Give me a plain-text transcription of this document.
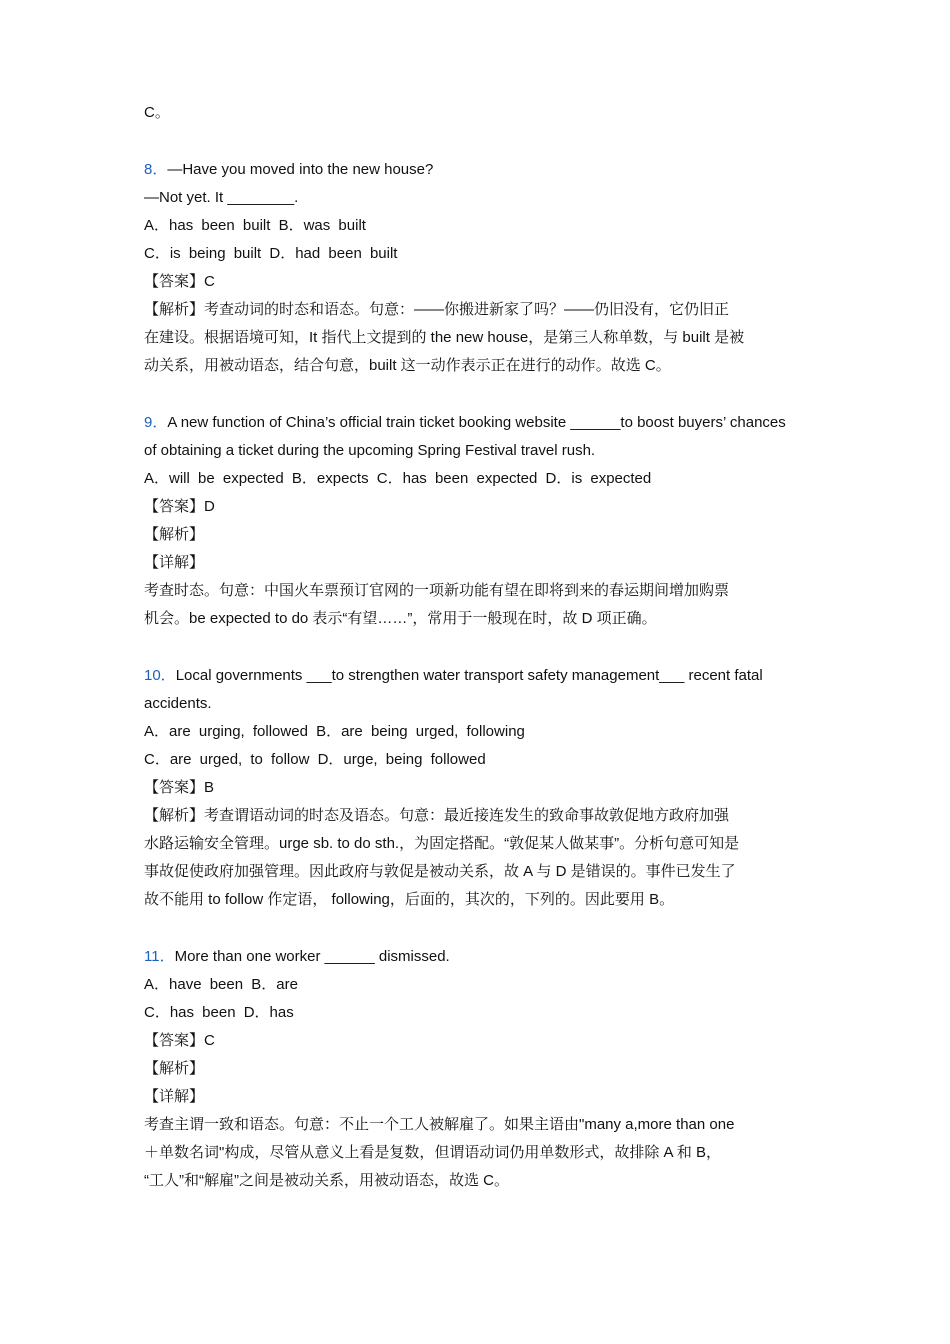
C。
8．—Have you moved into the new house?
—Not yet. It ________.
A．has been built B．was built
C．is being built D．had been built
【答案】C
【解析】考查动词的时态和语态。句意：——你搬进新家了吗？——仍旧没有，它仍旧正
在建设。根据语境可知，It 指代上文提到的 the new house，是第三人称单数，与 built 是被
动关系，用被动语态，结合句意，built 这一动作表示正在进行的动作。故选 C。
9．A new function of China’s official train ticket booking website ______to boost buyers’ chances
of obtaining a ticket during the upcoming Spring Festival travel rush.
A．will be expected B．expects C．has been expected D．is expected
【答案】D
【解析】
【详解】
考查时态。句意：中国火车票预订官网的一项新功能有望在即将到来的春运期间增加购票
机会。be expected to do 表示“有望……”，常用于一般现在时，故 D 项正确。
10．Local governments ___to strengthen water transport safety management___ recent fatal
accidents.
A．are urging, followed B．are being urged, following
C．are urged, to follow D．urge, being followed
【答案】B
【解析】考查谓语动词的时态及语态。句意：最近接连发生的致命事故敦促地方政府加强
水路运输安全管理。urge sb. to do sth.，为固定搭配。“敦促某人做某事”。分析句意可知是
事故促使政府加强管理。因此政府与敦促是被动关系，故 A 与 D 是错误的。事件已发生了
故不能用 to follow 作定语， following，后面的，其次的，下列的。因此要用 B。
11．More than one worker ______ dismissed.
A．have been B．are
C．has been D．has
【答案】C
【解析】
【详解】
考查主谓一致和语态。句意：不止一个工人被解雇了。如果主语由"many a,more than one
＋单数名词"构成，尽管从意义上看是复数，但谓语动词仍用单数形式，故排除 A 和 B，
“工人”和“解雇”之间是被动关系，用被动语态，故选 C。
